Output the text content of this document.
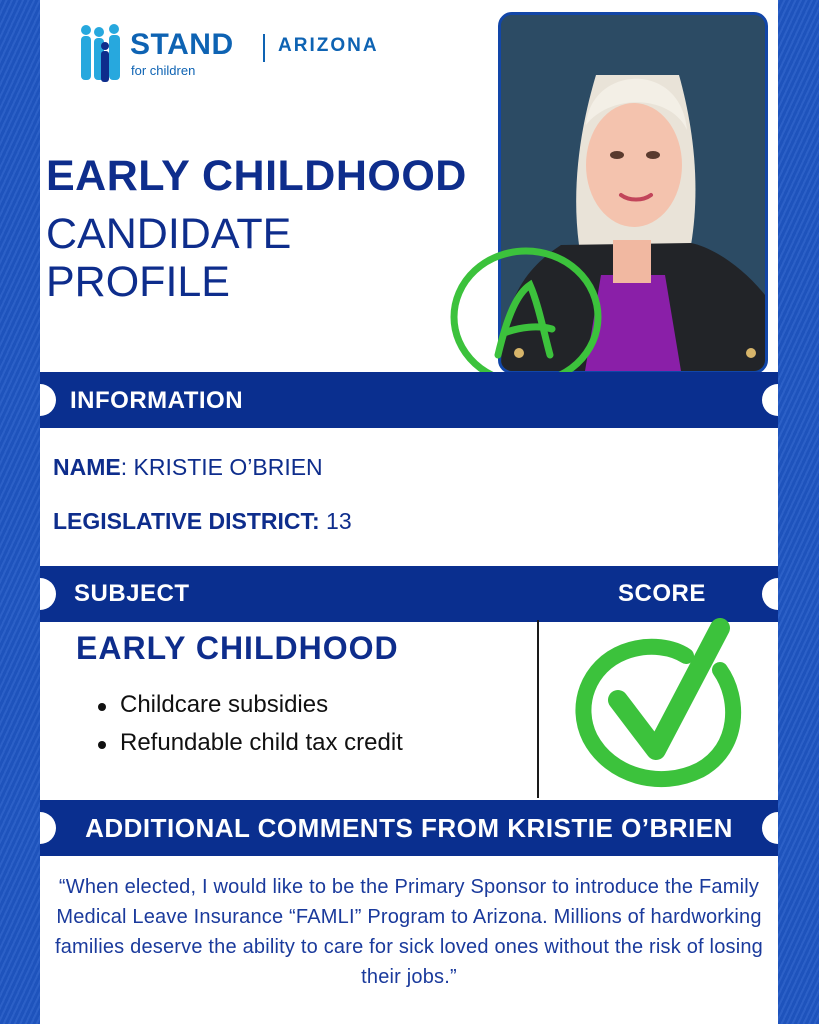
STAND
for children
ARIZONA
EARLY CHILDHOOD
CANDIDATE
PROFILE
A
INFORMATION
NAME: KRISTIE O’BRIEN
LEGISLATIVE DISTRICT: 13
SUBJECT	SCORE
EARLY CHILDHOOD
Childcare subsidies
Refundable child tax credit
ADDITIONAL COMMENTS FROM KRISTIE O’BRIEN
“When elected, I would like to be the Primary Sponsor to introduce the Family Medical Leave Insurance “FAMLI” Program to Arizona. Millions of hardworking families deserve the ability to care for sick loved ones without the risk of losing their jobs.”
